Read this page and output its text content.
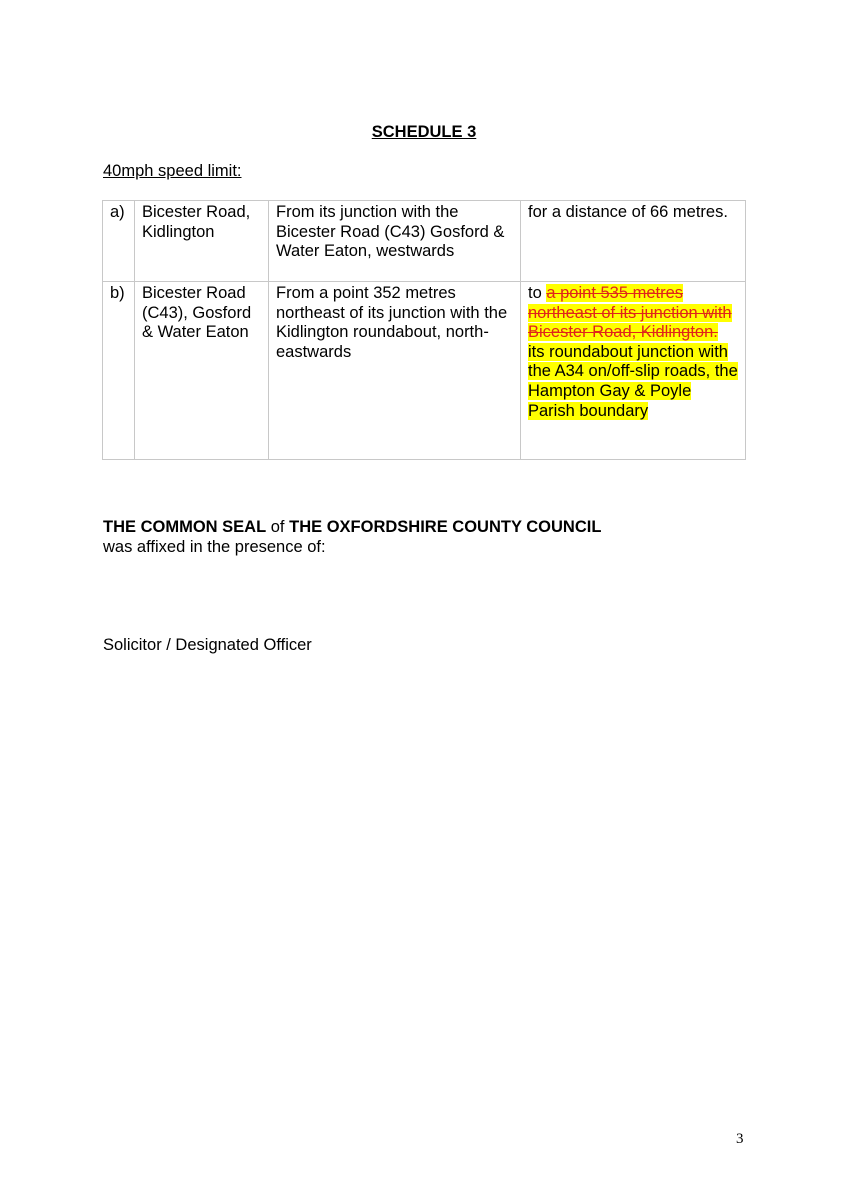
SCHEDULE 3
40mph speed limit:
a)	Bicester Road, Kidlington	From its junction with the Bicester Road (C43) Gosford & Water Eaton, westwards	for a distance of 66 metres.
b)	Bicester Road (C43), Gosford & Water Eaton	From a point 352 metres northeast of its junction with the Kidlington roundabout, north-eastwards	to a point 535 metres northeast of its junction with Bicester Road, Kidlington. its roundabout junction with the A34 on/off-slip roads, the Hampton Gay & Poyle Parish boundary
THE COMMON SEAL of THE OXFORDSHIRE COUNTY COUNCIL
was affixed in the presence of:
Solicitor / Designated Officer
3
